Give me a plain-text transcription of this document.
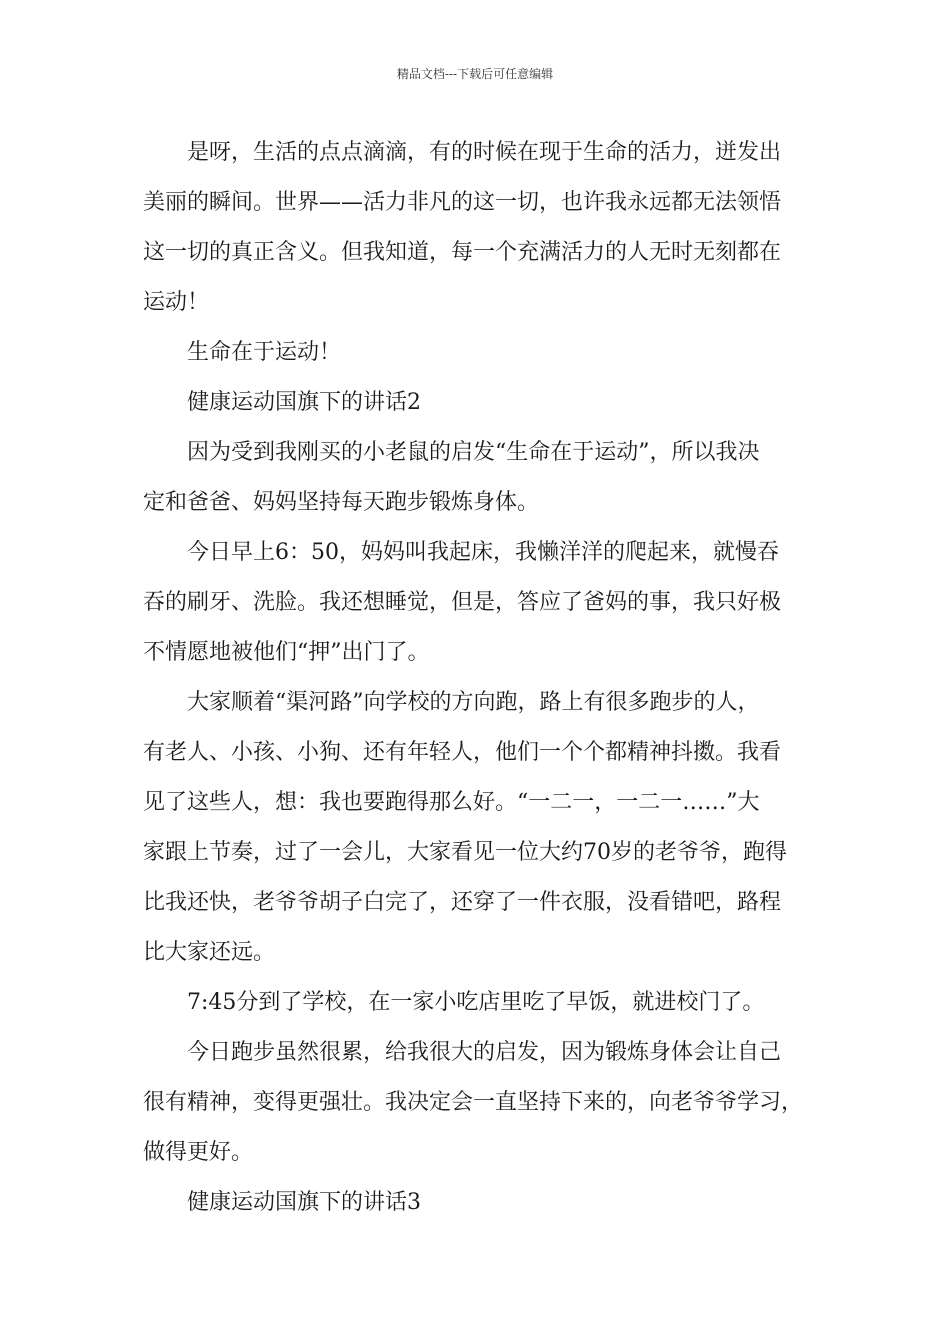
精品文档---下载后可任意编辑

是呀，生活的点点滴滴，有的时候在现于生命的活力，迸发出
美丽的瞬间。世界——活力非凡的这一切，也许我永远都无法领悟
这一切的真正含义。但我知道，每一个充满活力的人无时无刻都在
运动！

生命在于运动！

健康运动国旗下的讲话2

因为受到我刚买的小老鼠的启发“生命在于运动”，所以我决
定和爸爸、妈妈坚持每天跑步锻炼身体。

今日早上6：50，妈妈叫我起床，我懒洋洋的爬起来，就慢吞
吞的刷牙、洗脸。我还想睡觉，但是，答应了爸妈的事，我只好极
不情愿地被他们“押”出门了。

大家顺着“渠河路”向学校的方向跑，路上有很多跑步的人，
有老人、小孩、小狗、还有年轻人，他们一个个都精神抖擞。我看
见了这些人，想：我也要跑得那么好。“一二一，一二一……”大
家跟上节奏，过了一会儿，大家看见一位大约70岁的老爷爷，跑得
比我还快，老爷爷胡子白完了，还穿了一件衣服，没看错吧，路程
比大家还远。

7:45分到了学校，在一家小吃店里吃了早饭，就进校门了。

今日跑步虽然很累，给我很大的启发，因为锻炼身体会让自己
很有精神，变得更强壮。我决定会一直坚持下来的，向老爷爷学习，
做得更好。

健康运动国旗下的讲话3
